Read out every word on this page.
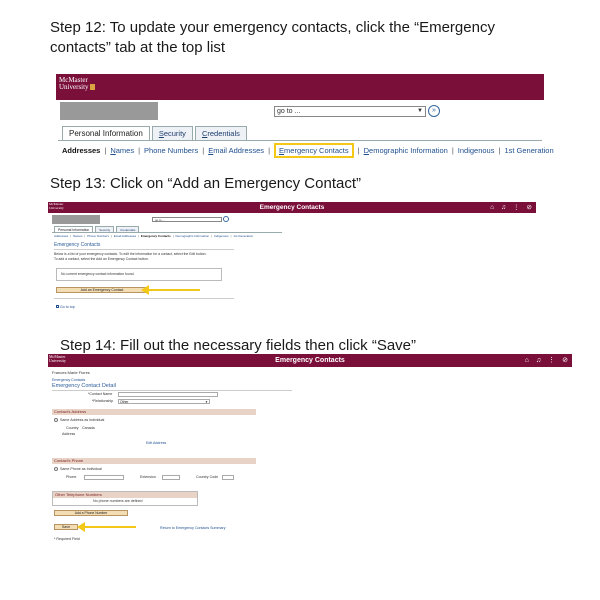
Step 12: To update your emergency contacts, click the “Emergency contacts” tab at the top list
Step 13: Click on “Add an Emergency Contact”
Step 14: Fill out the necessary fields then click “Save”
McMaster
University
go to ...	▼	»
Personal Information	Security	Credentials
Addresses | Names | Phone Numbers | Email Addresses |	Emergency Contacts	| Demographic Information | Indigenous | 1st Generation
Emergency Contacts	⌂ ♫ ⋮ ⊘
McMaster
University
go to ...
Personal Information	Security	Credentials
Addresses | Names | Phone Numbers | Email Addresses | Emergency Contacts | Demographic Information | Indigenous | 1st Generation
Emergency Contacts
Below is a list of your emergency contacts. To edit the information for a contact, select the Edit button.
To add a contact, select the Add an Emergency Contact button.
No current emergency contact information found.
Add an Emergency Contact
Go to top
Emergency Contacts	⌂ ♫ ⋮ ⊘
McMaster
University
Frances Marie Flores
Emergency Contacts
Emergency Contact Detail
*Contact Name
*Relationship	Other	▼
Contact's Address
Same Address as Individual
Country Canada
Address
Edit Address
Contact's Phone
Same Phone as Individual
Phone	Extension	Country Code
Other Telephone Numbers
No phone numbers are defined
Add a Phone Number
Save	Return to Emergency Contacts Summary
* Required Field
